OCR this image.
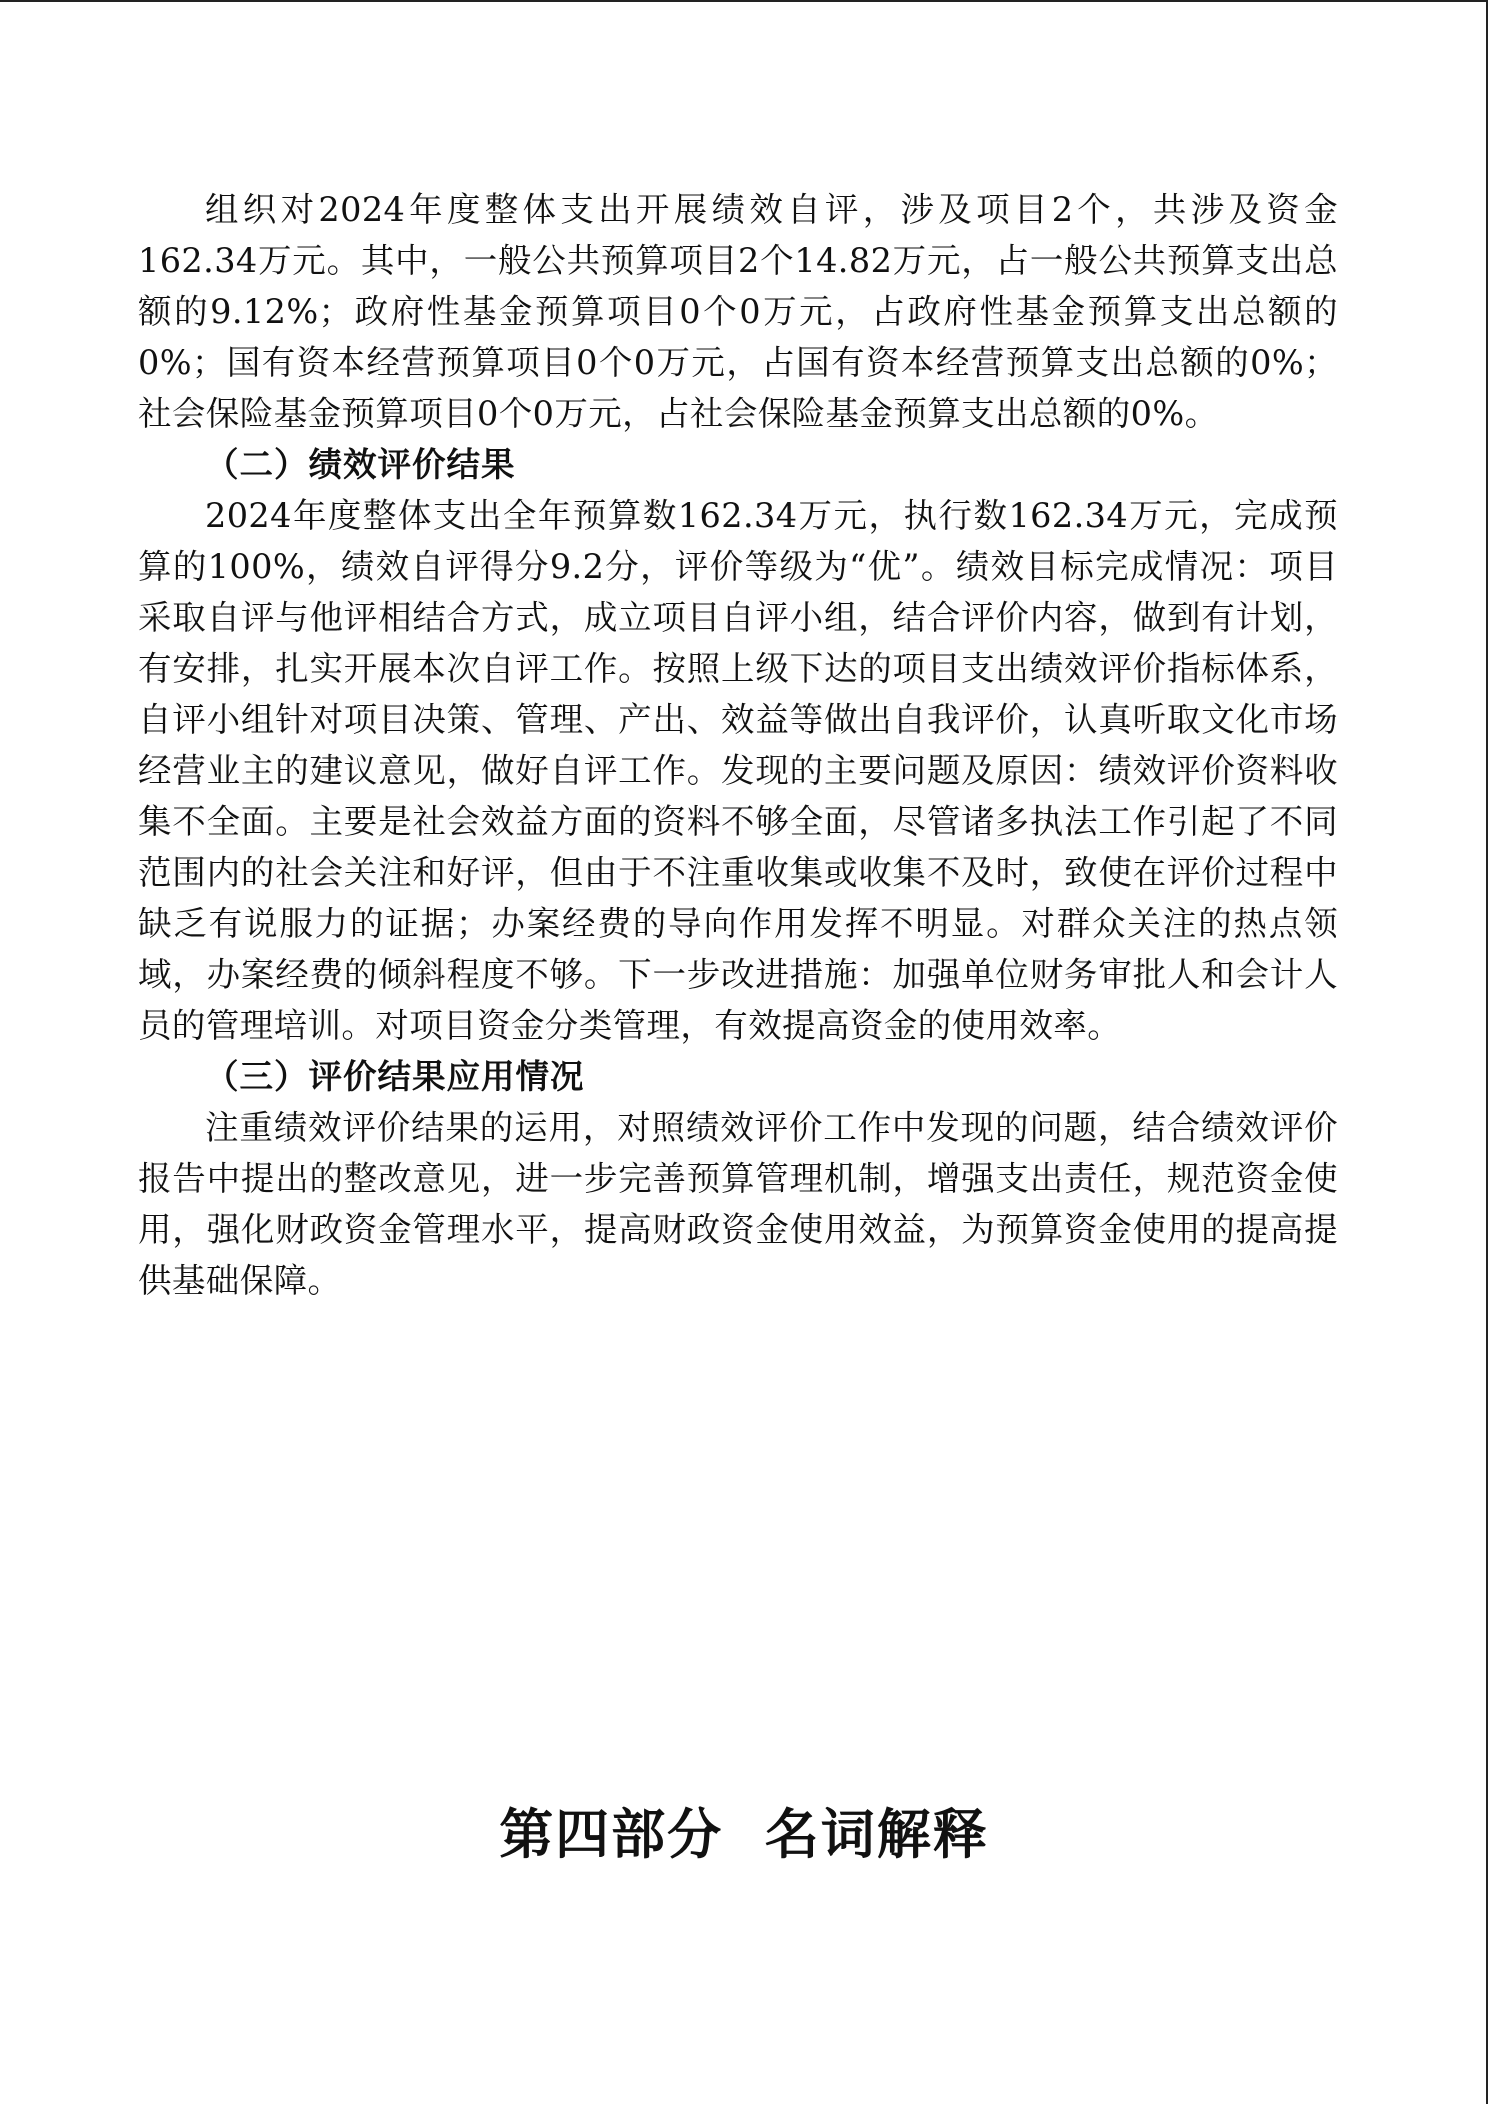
组织对2024年度整体支出开展绩效自评，涉及项目2个，共涉及资金162.34万元。其中，一般公共预算项目2个14.82万元，占一般公共预算支出总额的9.12%；政府性基金预算项目0个0万元，占政府性基金预算支出总额的0%；国有资本经营预算项目0个0万元，占国有资本经营预算支出总额的0%；社会保险基金预算项目0个0万元，占社会保险基金预算支出总额的0%。

（二）绩效评价结果

2024年度整体支出全年预算数162.34万元，执行数162.34万元，完成预算的100%，绩效自评得分9.2分，评价等级为“优”。绩效目标完成情况：项目采取自评与他评相结合方式，成立项目自评小组，结合评价内容，做到有计划，有安排，扎实开展本次自评工作。按照上级下达的项目支出绩效评价指标体系，自评小组针对项目决策、管理、产出、效益等做出自我评价，认真听取文化市场经营业主的建议意见，做好自评工作。发现的主要问题及原因：绩效评价资料收集不全面。主要是社会效益方面的资料不够全面，尽管诸多执法工作引起了不同范围内的社会关注和好评，但由于不注重收集或收集不及时，致使在评价过程中缺乏有说服力的证据；办案经费的导向作用发挥不明显。对群众关注的热点领域，办案经费的倾斜程度不够。下一步改进措施：加强单位财务审批人和会计人员的管理培训。对项目资金分类管理，有效提高资金的使用效率。

（三）评价结果应用情况

注重绩效评价结果的运用，对照绩效评价工作中发现的问题，结合绩效评价报告中提出的整改意见，进一步完善预算管理机制，增强支出责任，规范资金使用，强化财政资金管理水平，提高财政资金使用效益，为预算资金使用的提高提供基础保障。

第四部分  名词解释
